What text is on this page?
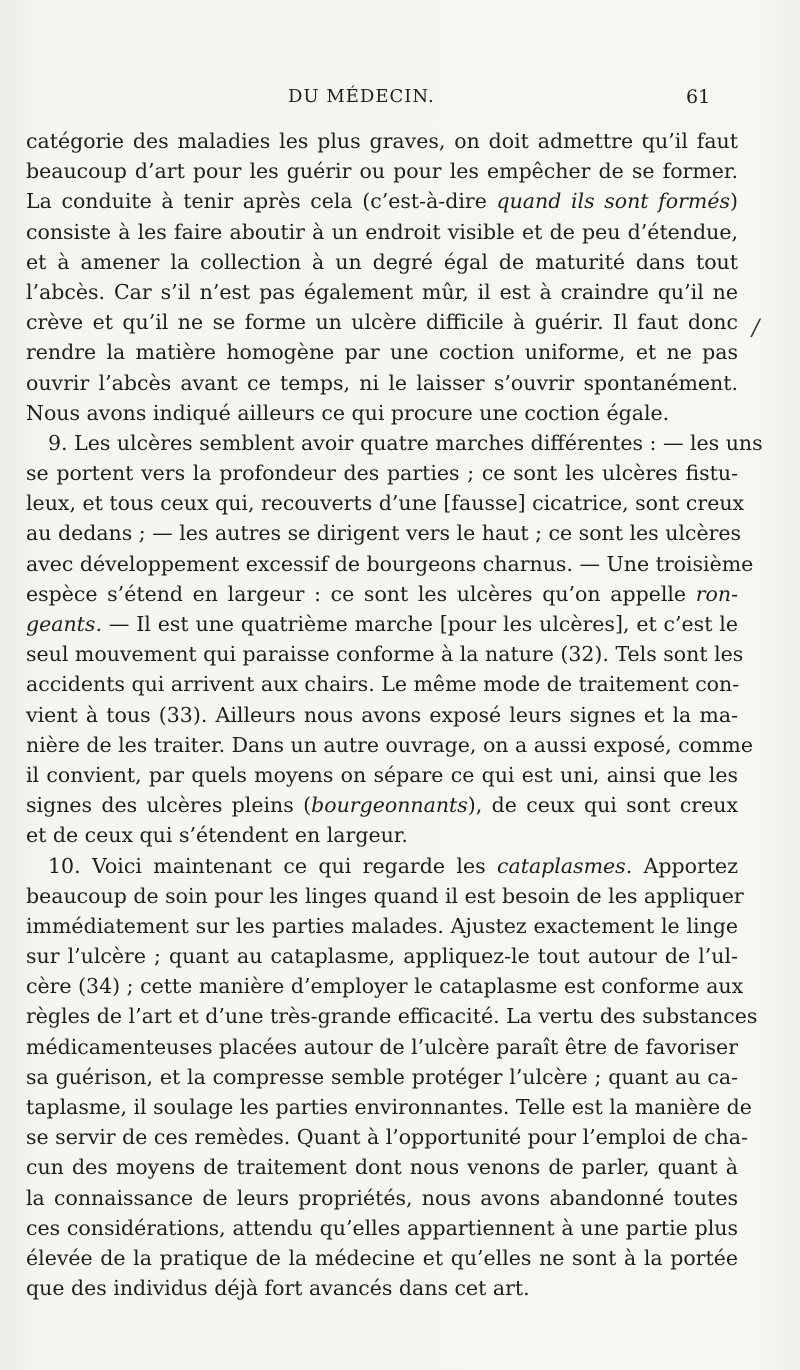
DU MÉDECIN.	61
/
catégorie des maladies les plus graves, on doit admettre qu’il faut
beaucoup d’art pour les guérir ou pour les empêcher de se former.
La conduite à tenir après cela (c’est-à-dire quand ils sont formés)
consiste à les faire aboutir à un endroit visible et de peu d’étendue,
et à amener la collection à un degré égal de maturité dans tout
l’abcès. Car s’il n’est pas également mûr, il est à craindre qu’il ne
crève et qu’il ne se forme un ulcère difficile à guérir. Il faut donc
rendre la matière homogène par une coction uniforme, et ne pas
ouvrir l’abcès avant ce temps, ni le laisser s’ouvrir spontanément.
Nous avons indiqué ailleurs ce qui procure une coction égale.
9. Les ulcères semblent avoir quatre marches différentes : — les uns
se portent vers la profondeur des parties ; ce sont les ulcères fistu-
leux, et tous ceux qui, recouverts d’une [fausse] cicatrice, sont creux
au dedans ; — les autres se dirigent vers le haut ; ce sont les ulcères
avec développement excessif de bourgeons charnus. — Une troisième
espèce s’étend en largeur : ce sont les ulcères qu’on appelle ron-
geants. — Il est une quatrième marche [pour les ulcères], et c’est le
seul mouvement qui paraisse conforme à la nature (32). Tels sont les
accidents qui arrivent aux chairs. Le même mode de traitement con-
vient à tous (33). Ailleurs nous avons exposé leurs signes et la ma-
nière de les traiter. Dans un autre ouvrage, on a aussi exposé, comme
il convient, par quels moyens on sépare ce qui est uni, ainsi que les
signes des ulcères pleins (bourgeonnants), de ceux qui sont creux
et de ceux qui s’étendent en largeur.
10. Voici maintenant ce qui regarde les cataplasmes. Apportez
beaucoup de soin pour les linges quand il est besoin de les appliquer
immédiatement sur les parties malades. Ajustez exactement le linge
sur l’ulcère ; quant au cataplasme, appliquez-le tout autour de l’ul-
cère (34) ; cette manière d’employer le cataplasme est conforme aux
règles de l’art et d’une très-grande efficacité. La vertu des substances
médicamenteuses placées autour de l’ulcère paraît être de favoriser
sa guérison, et la compresse semble protéger l’ulcère ; quant au ca-
taplasme, il soulage les parties environnantes. Telle est la manière de
se servir de ces remèdes. Quant à l’opportunité pour l’emploi de cha-
cun des moyens de traitement dont nous venons de parler, quant à
la connaissance de leurs propriétés, nous avons abandonné toutes
ces considérations, attendu qu’elles appartiennent à une partie plus
élevée de la pratique de la médecine et qu’elles ne sont à la portée
que des individus déjà fort avancés dans cet art.
